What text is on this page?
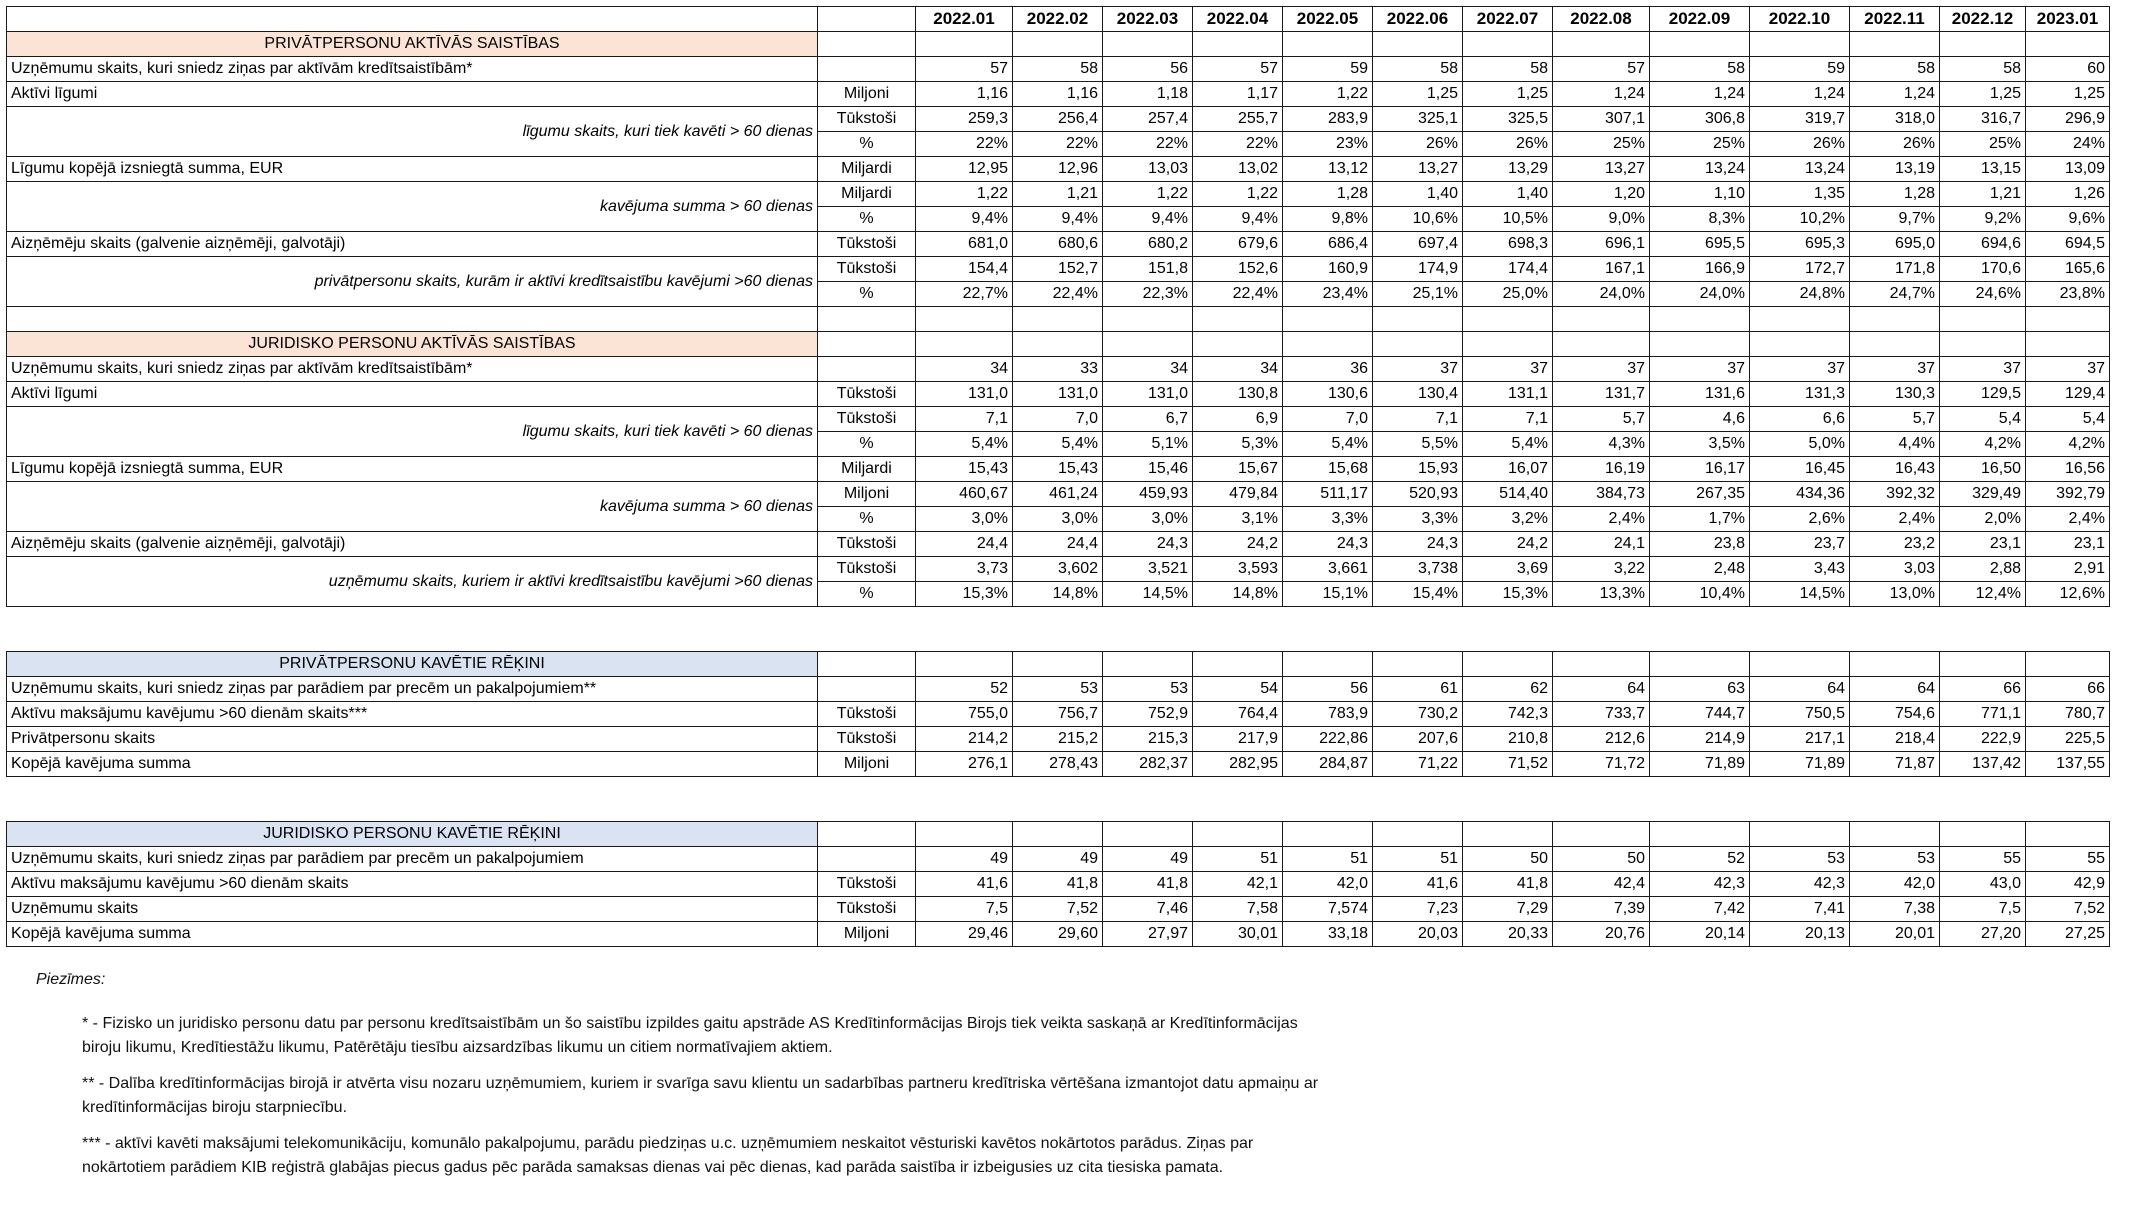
		2022.01	2022.02	2022.03	2022.04	2022.05	2022.06	2022.07	2022.08	2022.09	2022.10	2022.11	2022.12	2023.01
PRIVĀTPERSONU AKTĪVĀS SAISTĪBAS														
Uzņēmumu skaits, kuri sniedz ziņas par aktīvām kredītsaistībām*		57	58	56	57	59	58	58	57	58	59	58	58	60
Aktīvi līgumi	Miljoni	1,16	1,16	1,18	1,17	1,22	1,25	1,25	1,24	1,24	1,24	1,24	1,25	1,25
līgumu skaits, kuri tiek kavēti > 60 dienas	Tūkstoši	259,3	256,4	257,4	255,7	283,9	325,1	325,5	307,1	306,8	319,7	318,0	316,7	296,9
	%	22%	22%	22%	22%	23%	26%	26%	25%	25%	26%	26%	25%	24%
Līgumu kopējā izsniegtā summa, EUR	Miljardi	12,95	12,96	13,03	13,02	13,12	13,27	13,29	13,27	13,24	13,24	13,19	13,15	13,09
kavējuma summa > 60 dienas	Miljardi	1,22	1,21	1,22	1,22	1,28	1,40	1,40	1,20	1,10	1,35	1,28	1,21	1,26
	%	9,4%	9,4%	9,4%	9,4%	9,8%	10,6%	10,5%	9,0%	8,3%	10,2%	9,7%	9,2%	9,6%
Aizņēmēju skaits (galvenie aizņēmēji, galvotāji)	Tūkstoši	681,0	680,6	680,2	679,6	686,4	697,4	698,3	696,1	695,5	695,3	695,0	694,6	694,5
privātpersonu skaits, kurām ir aktīvi kredītsaistību kavējumi >60 dienas	Tūkstoši	154,4	152,7	151,8	152,6	160,9	174,9	174,4	167,1	166,9	172,7	171,8	170,6	165,6
	%	22,7%	22,4%	22,3%	22,4%	23,4%	25,1%	25,0%	24,0%	24,0%	24,8%	24,7%	24,6%	23,8%

JURIDISKO PERSONU AKTĪVĀS SAISTĪBAS														
Uzņēmumu skaits, kuri sniedz ziņas par aktīvām kredītsaistībām*		34	33	34	34	36	37	37	37	37	37	37	37	37
Aktīvi līgumi	Tūkstoši	131,0	131,0	131,0	130,8	130,6	130,4	131,1	131,7	131,6	131,3	130,3	129,5	129,4
līgumu skaits, kuri tiek kavēti > 60 dienas	Tūkstoši	7,1	7,0	6,7	6,9	7,0	7,1	7,1	5,7	4,6	6,6	5,7	5,4	5,4
	%	5,4%	5,4%	5,1%	5,3%	5,4%	5,5%	5,4%	4,3%	3,5%	5,0%	4,4%	4,2%	4,2%
Līgumu kopējā izsniegtā summa, EUR	Miljardi	15,43	15,43	15,46	15,67	15,68	15,93	16,07	16,19	16,17	16,45	16,43	16,50	16,56
kavējuma summa > 60 dienas	Miljoni	460,67	461,24	459,93	479,84	511,17	520,93	514,40	384,73	267,35	434,36	392,32	329,49	392,79
	%	3,0%	3,0%	3,0%	3,1%	3,3%	3,3%	3,2%	2,4%	1,7%	2,6%	2,4%	2,0%	2,4%
Aizņēmēju skaits (galvenie aizņēmēji, galvotāji)	Tūkstoši	24,4	24,4	24,3	24,2	24,3	24,3	24,2	24,1	23,8	23,7	23,2	23,1	23,1
uzņēmumu skaits, kuriem ir aktīvi kredītsaistību kavējumi >60 dienas	Tūkstoši	3,73	3,602	3,521	3,593	3,661	3,738	3,69	3,22	2,48	3,43	3,03	2,88	2,91
	%	15,3%	14,8%	14,5%	14,8%	15,1%	15,4%	15,3%	13,3%	10,4%	14,5%	13,0%	12,4%	12,6%

PRIVĀTPERSONU KAVĒTIE RĒĶINI														
Uzņēmumu skaits, kuri sniedz ziņas par parādiem par precēm un pakalpojumiem**		52	53	53	54	56	61	62	64	63	64	64	66	66
Aktīvu maksājumu kavējumu >60 dienām skaits***	Tūkstoši	755,0	756,7	752,9	764,4	783,9	730,2	742,3	733,7	744,7	750,5	754,6	771,1	780,7
Privātpersonu skaits	Tūkstoši	214,2	215,2	215,3	217,9	222,86	207,6	210,8	212,6	214,9	217,1	218,4	222,9	225,5
Kopējā kavējuma summa	Miljoni	276,1	278,43	282,37	282,95	284,87	71,22	71,52	71,72	71,89	71,89	71,87	137,42	137,55

JURIDISKO PERSONU KAVĒTIE RĒĶINI														
Uzņēmumu skaits, kuri sniedz ziņas par parādiem par precēm un pakalpojumiem		49	49	49	51	51	51	50	50	52	53	53	55	55
Aktīvu maksājumu kavējumu >60 dienām skaits	Tūkstoši	41,6	41,8	41,8	42,1	42,0	41,6	41,8	42,4	42,3	42,3	42,0	43,0	42,9
Uzņēmumu skaits	Tūkstoši	7,5	7,52	7,46	7,58	7,574	7,23	7,29	7,39	7,42	7,41	7,38	7,5	7,52
Kopējā kavējuma summa	Miljoni	29,46	29,60	27,97	30,01	33,18	20,03	20,33	20,76	20,14	20,13	20,01	27,20	27,25
Piezīmes:
* - Fizisko un juridisko personu datu par personu kredītsaistībām un šo saistību izpildes gaitu apstrāde AS Kredītinformācijas Birojs tiek veikta saskaņā ar Kredītinformācijas biroju likumu, Kredītiestāžu likumu, Patērētāju tiesību aizsardzības likumu un citiem normatīvajiem aktiem.
** - Dalība kredītinformācijas birojā ir atvērta visu nozaru uzņēmumiem, kuriem ir svarīga savu klientu un sadarbības partneru kredītriska vērtēšana izmantojot datu apmaiņu ar kredītinformācijas biroju starpniecību.
*** - aktīvi kavēti maksājumi telekomunikāciju, komunālo pakalpojumu, parādu piedziņas u.c. uzņēmumiem neskaitot vēsturiski kavētos nokārtotos parādus. Ziņas par nokārtotiem parādiem KIB reģistrā glabājas piecus gadus pēc parāda samaksas dienas vai pēc dienas, kad parāda saistība ir izbeigusies uz cita tiesiska pamata.
